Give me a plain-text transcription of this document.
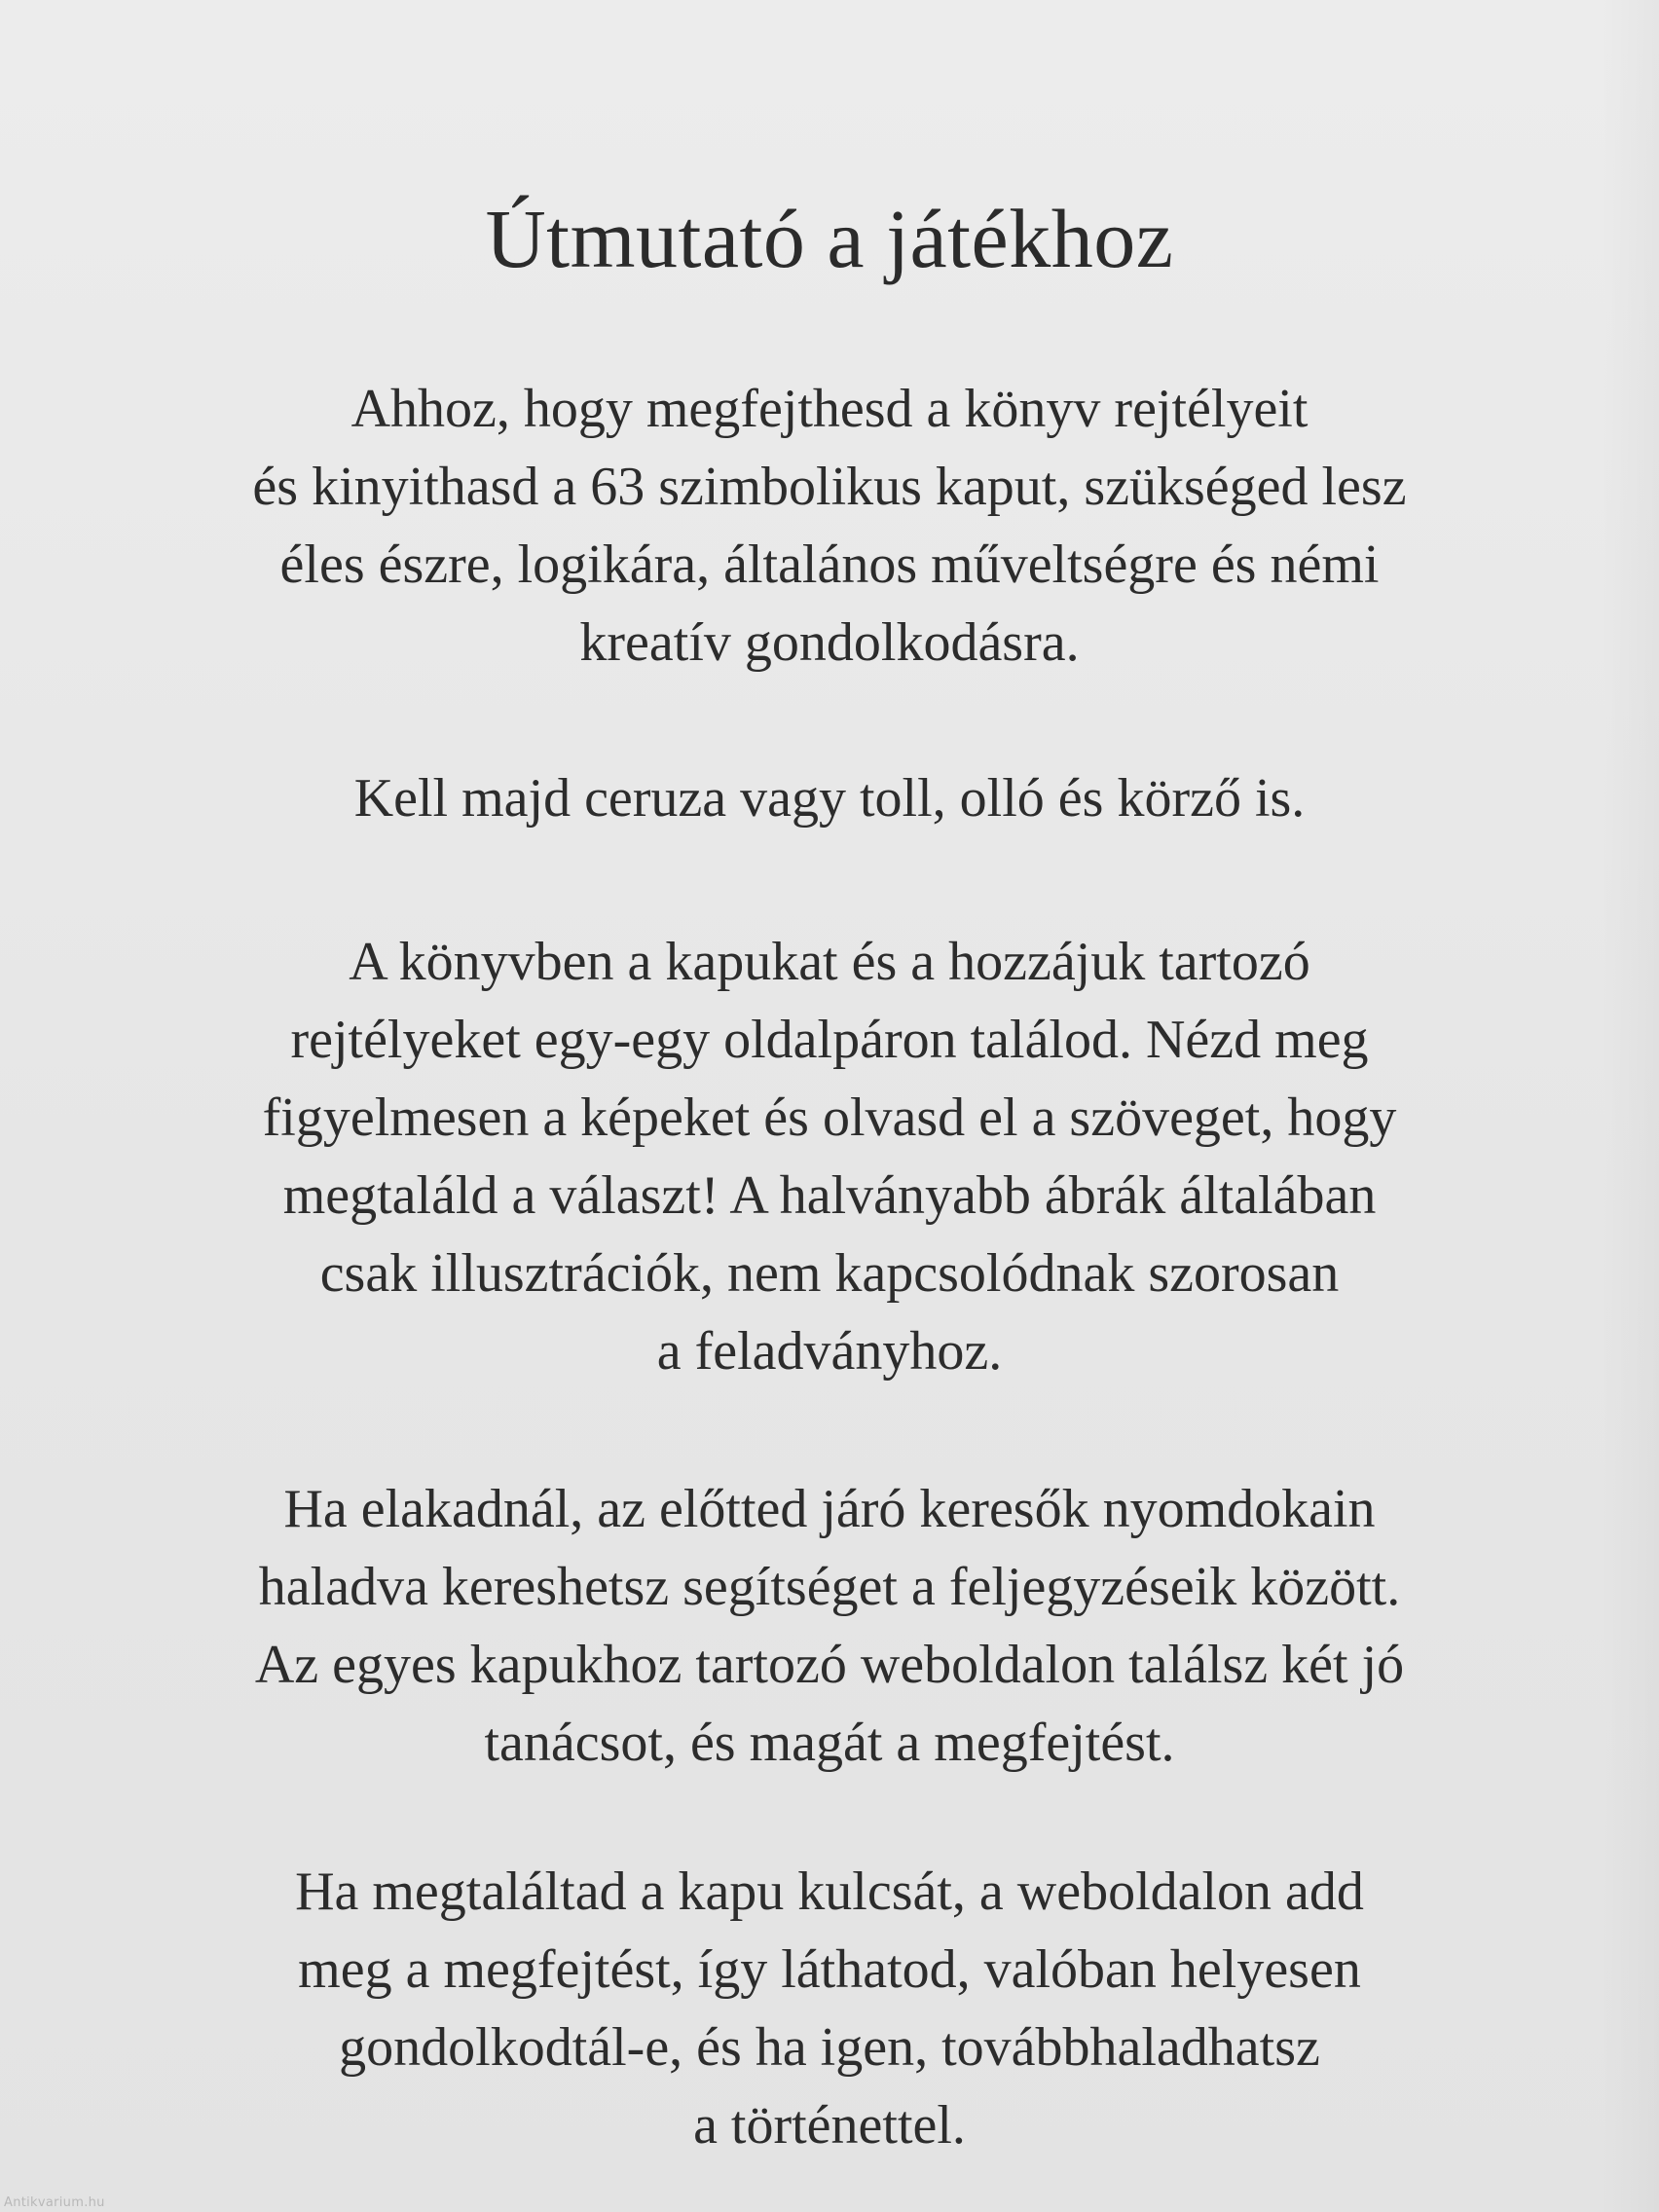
Útmutató a játékhoz
Ahhoz, hogy megfejthesd a könyv rejtélyeit
és kinyithasd a 63 szimbolikus kaput, szükséged lesz
éles észre, logikára, általános műveltségre és némi
kreatív gondolkodásra.
Kell majd ceruza vagy toll, olló és körző is.
A könyvben a kapukat és a hozzájuk tartozó
rejtélyeket egy-egy oldalpáron találod. Nézd meg
figyelmesen a képeket és olvasd el a szöveget, hogy
megtaláld a választ! A halványabb ábrák általában
csak illusztrációk, nem kapcsolódnak szorosan
a feladványhoz.
Ha elakadnál, az előtted járó keresők nyomdokain
haladva kereshetsz segítséget a feljegyzéseik között.
Az egyes kapukhoz tartozó weboldalon találsz két jó
tanácsot, és magát a megfejtést.
Ha megtaláltad a kapu kulcsát, a weboldalon add
meg a megfejtést, így láthatod, valóban helyesen
gondolkodtál-e, és ha igen, továbbhaladhatsz
a történettel.
Antikvarium.hu
